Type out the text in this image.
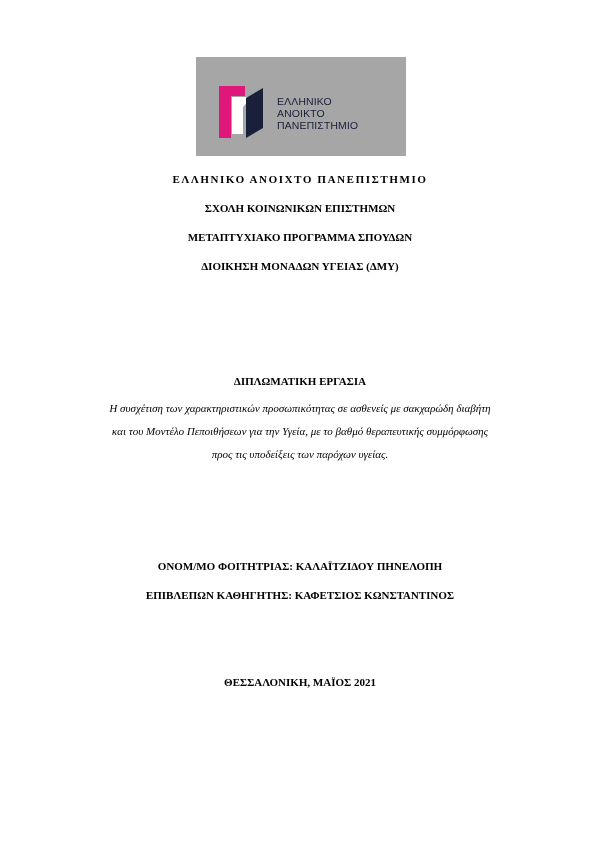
ΕΛΛΗΝΙΚΟ
ΑΝΟΙΚΤΟ
ΠΑΝΕΠΙΣΤΗΜΙΟ
ΕΛΛΗΝΙΚΟ ΑΝΟΙΧΤΟ ΠΑΝΕΠΙΣΤΗΜΙΟ
ΣΧΟΛΗ ΚΟΙΝΩΝΙΚΩΝ ΕΠΙΣΤΗΜΩΝ
ΜΕΤΑΠΤΥΧΙΑΚΟ ΠΡΟΓΡΑΜΜΑ ΣΠΟΥΔΩΝ
ΔΙΟΙΚΗΣΗ ΜΟΝΑΔΩΝ ΥΓΕΙΑΣ (ΔΜΥ)
ΔΙΠΛΩΜΑΤΙΚΗ ΕΡΓΑΣΙΑ
Η συσχέτιση των χαρακτηριστικών προσωπικότητας σε ασθενείς με σακχαρώδη διαβήτη
και του Μοντέλο Πεποιθήσεων για την Υγεία, με το βαθμό θεραπευτικής συμμόρφωσης
προς τις υποδείξεις των παρόχων υγείας.
ΟΝΟΜ/ΜΟ ΦΟΙΤΗΤΡΙΑΣ: ΚΑΛΑΪΤΖΙΔΟΥ ΠΗΝΕΛΟΠΗ
ΕΠΙΒΛΕΠΩΝ ΚΑΘΗΓΗΤΗΣ: ΚΑΦΕΤΣΙΟΣ ΚΩΝΣΤΑΝΤΙΝΟΣ
ΘΕΣΣΑΛΟΝΙΚΗ, ΜΑΪΟΣ 2021
